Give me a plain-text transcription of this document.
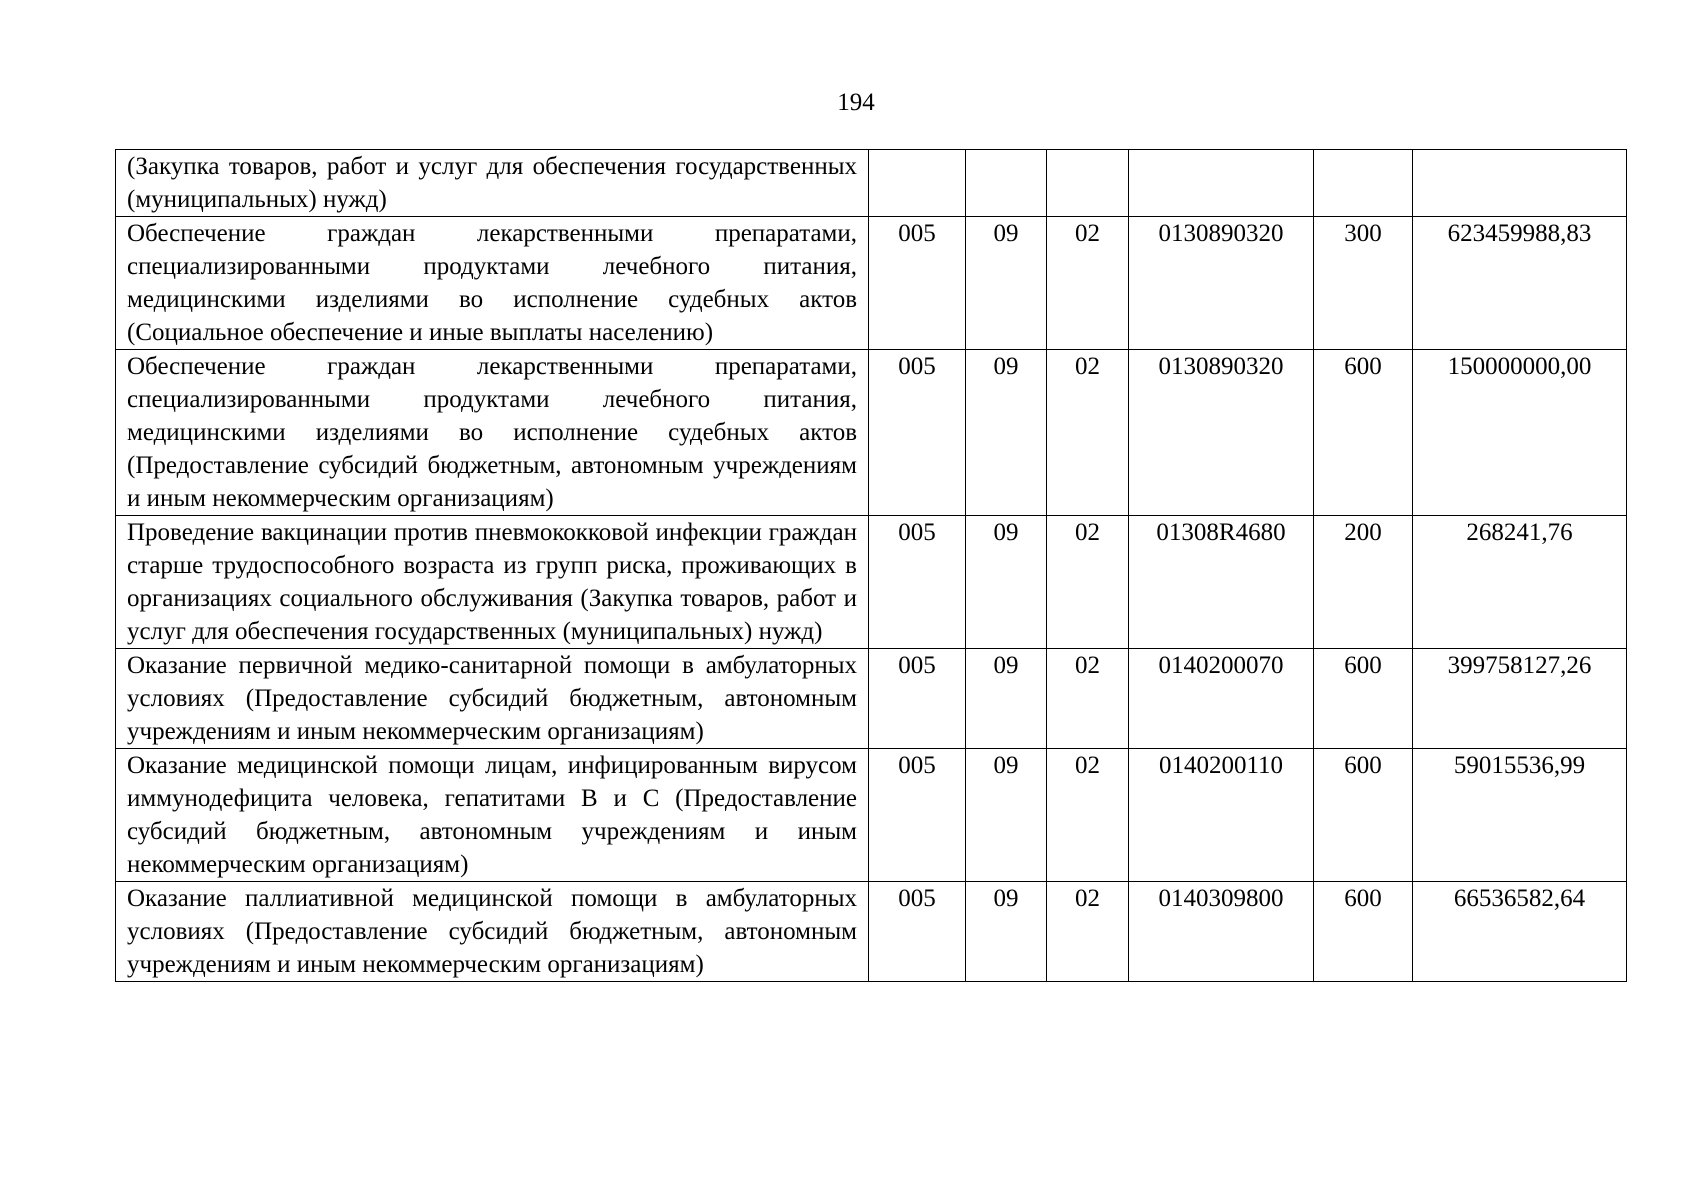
194
(Закупка товаров, работ и услуг для обеспечения государственных (муниципальных) нужд)						
Обеспечение граждан лекарственными препаратами, специализированными продуктами лечебного питания, медицинскими изделиями во исполнение судебных актов (Социальное обеспечение и иные выплаты населению)	005	09	02	0130890320	300	623459988,83
Обеспечение граждан лекарственными препаратами, специализированными продуктами лечебного питания, медицинскими изделиями во исполнение судебных актов (Предоставление субсидий бюджетным, автономным учреждениям и иным некоммерческим организациям)	005	09	02	0130890320	600	150000000,00
Проведение вакцинации против пневмококковой инфекции граждан старше трудоспособного возраста из групп риска, проживающих в организациях социального обслуживания (Закупка товаров, работ и услуг для обеспечения государственных (муниципальных) нужд)	005	09	02	01308R4680	200	268241,76
Оказание первичной медико-санитарной помощи в амбулаторных условиях (Предоставление субсидий бюджетным, автономным учреждениям и иным некоммерческим организациям)	005	09	02	0140200070	600	399758127,26
Оказание медицинской помощи лицам, инфицированным вирусом иммунодефицита человека, гепатитами B и C (Предоставление субсидий бюджетным, автономным учреждениям и иным некоммерческим организациям)	005	09	02	0140200110	600	59015536,99
Оказание паллиативной медицинской помощи в амбулаторных условиях (Предоставление субсидий бюджетным, автономным учреждениям и иным некоммерческим организациям)	005	09	02	0140309800	600	66536582,64
